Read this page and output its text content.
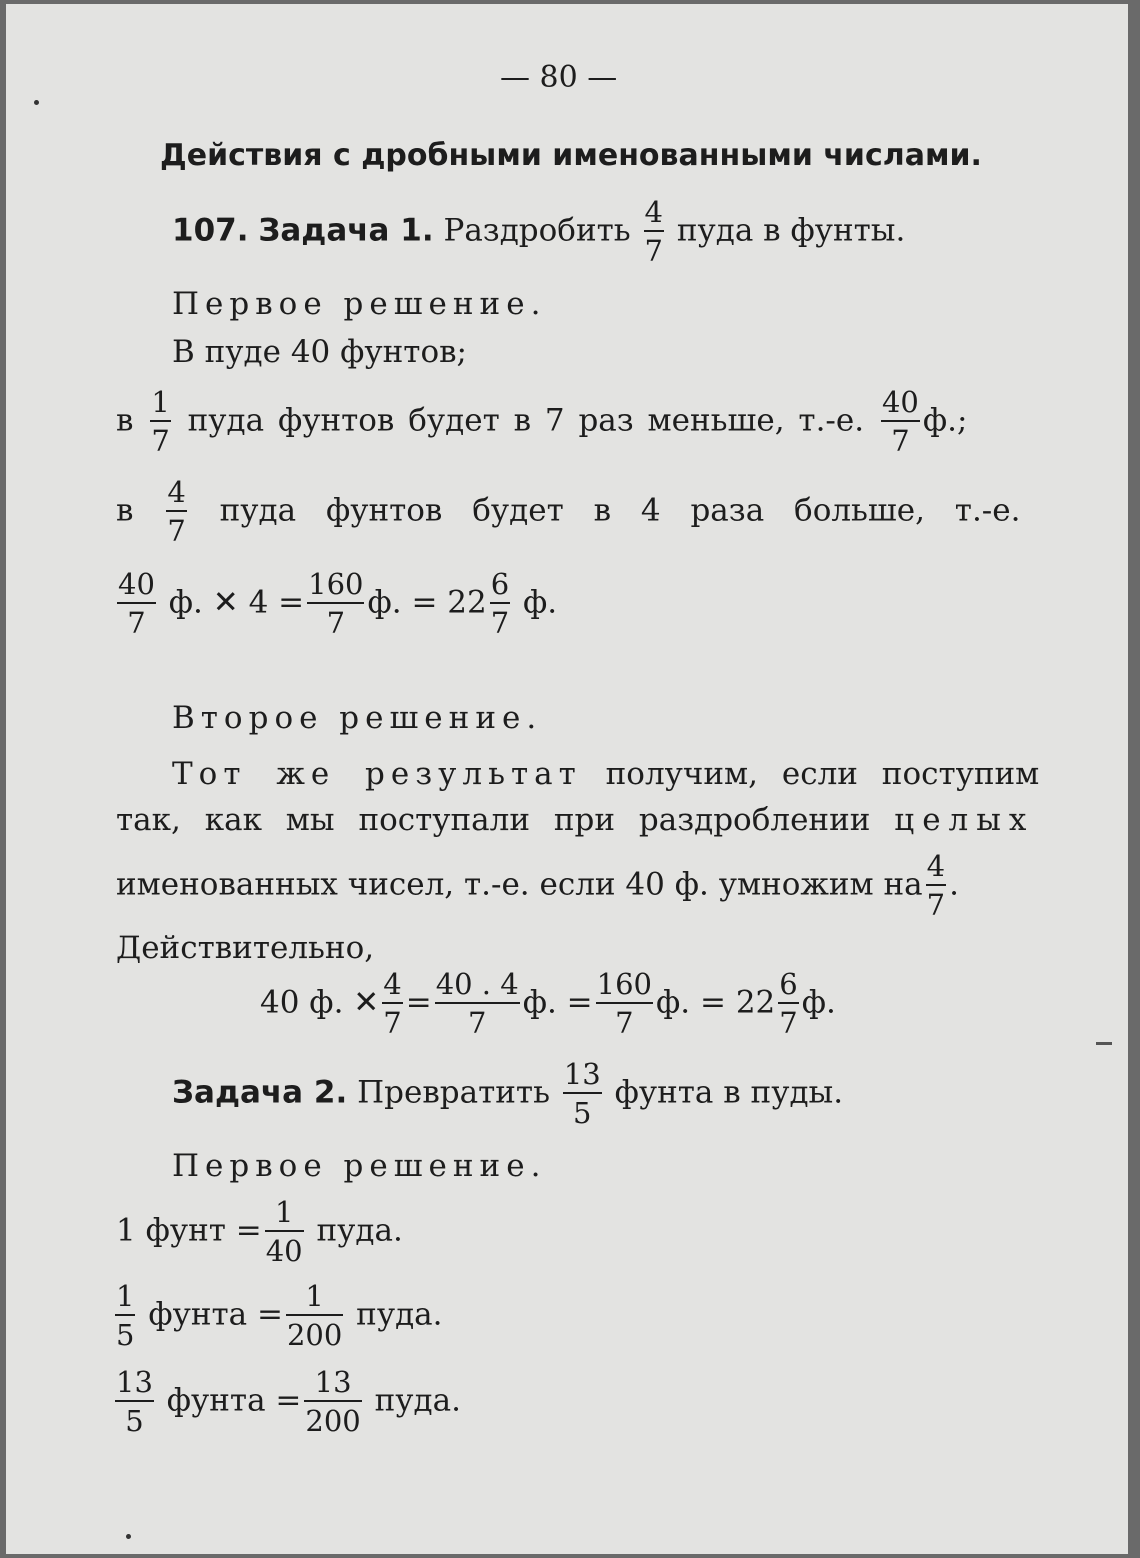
— 80 —
Действия с дробными именованными числами.
107. Задача 1. Раздробить $\frac{4}{7}$ пуда в фунты.
Первое решение.
В пуде 40 фунтов;
в $\frac{1}{7}$ пуда фунтов будет в 7 раз меньше, т.-е. $\frac{40}{7} ф$.;
в $\frac{4}{7}$ пуда фунтов будет в 4 раза больше, т.-е.
$\frac{40}{7} ф$. ✕ $4 = \frac{160}{7} ф$. = $22 \frac{6}{7} ф$.
Второе решение.
Тот же результат получим, если поступим
так, как мы поступали при раздроблении целых
именованных чисел, т.-е. если 40 ф. умножим на $\frac{4}{7}$ .
Действительно,
40 ф. ✕ $\frac{4}{7} = \frac{40 . 4}{7} ф$. = $\frac{160}{7} ф$. = $22 \frac{6}{7} ф$.
Задача 2. Превратить $\frac{13}{5}$ фунта в пуды.
Первое решение.
1 фунт = $\frac{1}{40}$ пуда.
$\frac{1}{5}$ фунта = $\frac{1}{200}$ пуда.
$\frac{13}{5}$ фунта = $\frac{13}{200}$ пуда.
